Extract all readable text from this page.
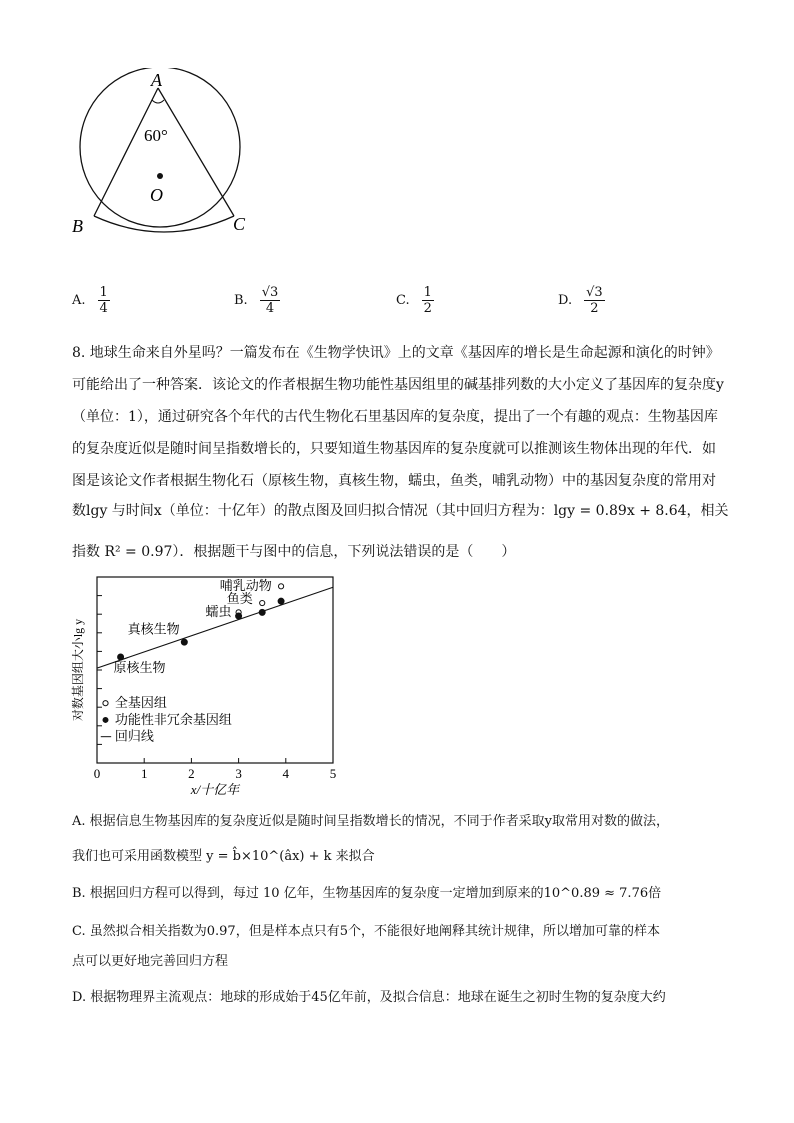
A
60°
O
B	C
A. $\frac{1}{4}$	B. $\frac{√3}{4}$	C. $\frac{1}{2}$	D. $\frac{√3}{2}$
8. 地球生命来自外星吗？一篇发布在《生物学快讯》上的文章《基因库的增长是生命起源和演化的时钟》
可能给出了一种答案．该论文的作者根据生物功能性基因组里的碱基排列数的大小定义了基因库的复杂度y
（单位：1），通过研究各个年代的古代生物化石里基因库的复杂度，提出了一个有趣的观点：生物基因库
的复杂度近似是随时间呈指数增长的，只要知道生物基因库的复杂度就可以推测该生物体出现的年代．如
图是该论文作者根据生物化石（原核生物，真核生物，蠕虫，鱼类，哺乳动物）中的基因复杂度的常用对
数lgy 与时间x（单位：十亿年）的散点图及回归拟合情况（其中回归方程为：lgy = 0.89x + 8.64，相关
指数 R² = 0.97）．根据题干与图中的信息，下列说法错误的是（　　）
0	1	2	3	4	5
x/十亿年
对数基因组大小lg y 原核生物
真核生物
蠕虫
鱼类
哺乳动物
全基因组
功能性非冗余基因组
回归线
A. 根据信息生物基因库的复杂度近似是随时间呈指数增长的情况，不同于作者采取y取常用对数的做法，
我们也可采用函数模型 y = b̂×10^(âx) + k 来拟合
B. 根据回归方程可以得到，每过 10 亿年，生物基因库的复杂度一定增加到原来的10^0.89 ≈ 7.76倍
C. 虽然拟合相关指数为0.97，但是样本点只有5个，不能很好地阐释其统计规律，所以增加可靠的样本
点可以更好地完善回归方程
D. 根据物理界主流观点：地球的形成始于45亿年前，及拟合信息：地球在诞生之初时生物的复杂度大约
